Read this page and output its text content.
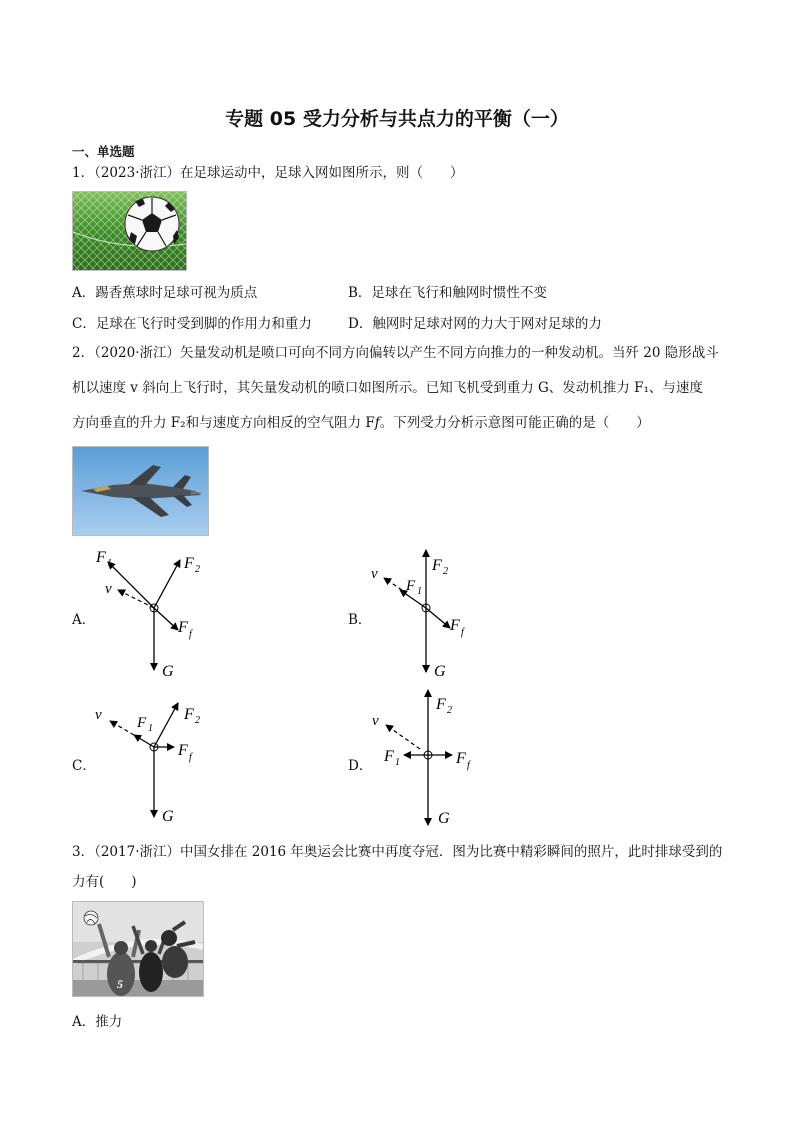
专题 05 受力分析与共点力的平衡（一）
一、单选题
1．（2023·浙江）在足球运动中，足球入网如图所示，则（　　）
A．踢香蕉球时足球可视为质点	B．足球在飞行和触网时惯性不变
C．足球在飞行时受到脚的作用力和重力	D．触网时足球对网的力大于网对足球的力
2．（2020·浙江）矢量发动机是喷口可向不同方向偏转以产生不同方向推力的一种发动机。当歼 20 隐形战斗
机以速度 v 斜向上飞行时，其矢量发动机的喷口如图所示。已知飞机受到重力 G、发动机推力 F₁、与速度
方向垂直的升力 F₂和与速度方向相反的空气阻力 F𝑓。下列受力分析示意图可能正确的是（　　）
A．
F 1	F 2
v
F f
G
B．
F 2
F 1
v
F f
G
C．
F 2
F 1
v
F f
G
D．
F 2
F 1
v
F f
G
3．（2017·浙江）中国女排在 2016 年奥运会比赛中再度夺冠．图为比赛中精彩瞬间的照片，此时排球受到的
力有(　　)
5
A．推力
